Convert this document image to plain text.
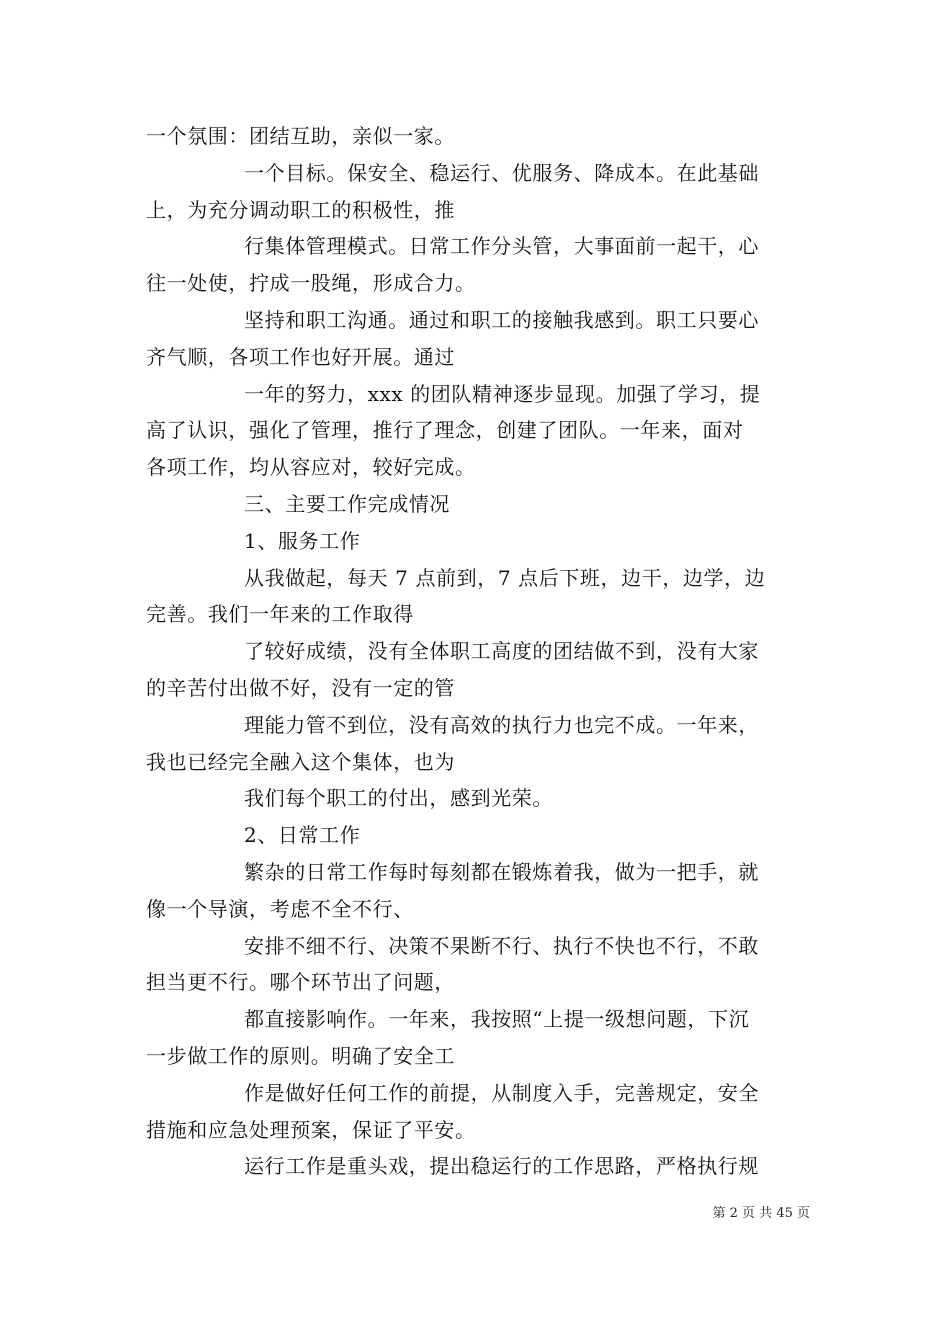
一个氛围：团结互助，亲似一家。
一个目标。保安全、稳运行、优服务、降成本。在此基础
上，为充分调动职工的积极性，推
行集体管理模式。日常工作分头管，大事面前一起干，心
往一处使，拧成一股绳，形成合力。
坚持和职工沟通。通过和职工的接触我感到。职工只要心
齐气顺，各项工作也好开展。通过
一年的努力，xxx 的团队精神逐步显现。加强了学习，提
高了认识，强化了管理，推行了理念，创建了团队。一年来，面对
各项工作，均从容应对，较好完成。
三、主要工作完成情况
1、服务工作
从我做起，每天 7 点前到，7 点后下班，边干，边学，边
完善。我们一年来的工作取得
了较好成绩，没有全体职工高度的团结做不到，没有大家
的辛苦付出做不好，没有一定的管
理能力管不到位，没有高效的执行力也完不成。一年来，
我也已经完全融入这个集体，也为
我们每个职工的付出，感到光荣。
2、日常工作
繁杂的日常工作每时每刻都在锻炼着我，做为一把手，就
像一个导演，考虑不全不行、
安排不细不行、决策不果断不行、执行不快也不行，不敢
担当更不行。哪个环节出了问题，
都直接影响作。一年来，我按照“上提一级想问题，下沉
一步做工作的原则。明确了安全工
作是做好任何工作的前提，从制度入手，完善规定，安全
措施和应急处理预案，保证了平安。
运行工作是重头戏，提出稳运行的工作思路，严格执行规
第 2 页 共 45 页
